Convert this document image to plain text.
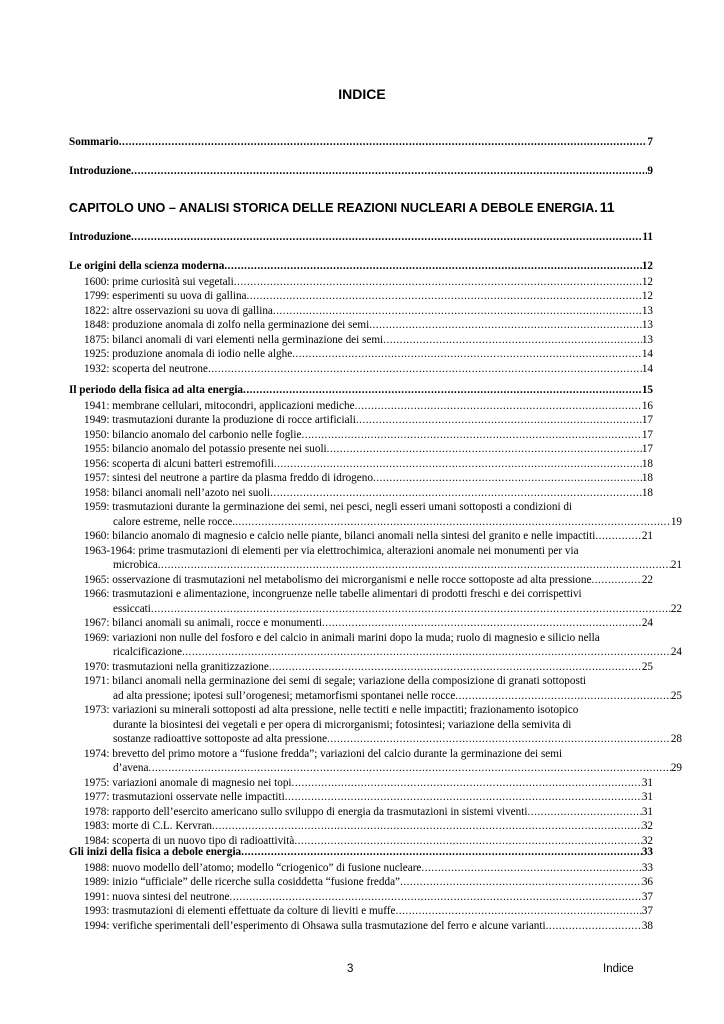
INDICE
Sommario .....	7
Introduzione .....	9
CAPITOLO UNO – ANALISI STORICA DELLE REAZIONI NUCLEARI A DEBOLE ENERGIA. 11
Introduzione .....	11
Le origini della scienza moderna .....	12
1600: prime curiosità sui vegetali .....	12
1799: esperimenti su uova di gallina .....	12
1822: altre osservazioni su uova di gallina .....	13
1848: produzione anomala di zolfo nella germinazione dei semi .....	13
1875: bilanci anomali di vari elementi nella germinazione dei semi .....	13
1925: produzione anomala di iodio nelle alghe .....	14
1932: scoperta del neutrone .....	14
Il periodo della fisica ad alta energia .....	15
1941: membrane cellulari, mitocondri, applicazioni mediche .....	16
1949: trasmutazioni durante la produzione di rocce artificiali .....	17
1950: bilancio anomalo del carbonio nelle foglie .....	17
1955: bilancio anomalo del potassio presente nei suoli .....	17
1956: scoperta di alcuni batteri estremofili .....	18
1957: sintesi del neutrone a partire da plasma freddo di idrogeno .....	18
1958: bilanci anomali nell’azoto nei suoli .....	18
1959: trasmutazioni durante la germinazione dei semi, nei pesci, negli esseri umani sottoposti a condizioni di
calore estreme, nelle rocce. .....	19
1960: bilancio anomalo di magnesio e calcio nelle piante, bilanci anomali nella sintesi del granito e nelle impactiti .....	21
1963-1964: prime trasmutazioni di elementi per via elettrochimica, alterazioni anomale nei monumenti per via
microbica .....	21
1965: osservazione di trasmutazioni nel metabolismo dei microrganismi e nelle rocce sottoposte ad alta pressione .....	22
1966: trasmutazioni e alimentazione, incongruenze nelle tabelle alimentari di prodotti freschi e dei corrispettivi
essiccati .....	22
1967: bilanci anomali su animali, rocce e monumenti .....	24
1969: variazioni non nulle del fosforo e del calcio in animali marini dopo la muda; ruolo di magnesio e silicio nella
ricalcificazione .....	24
1970: trasmutazioni nella granitizzazione .....	25
1971: bilanci anomali nella germinazione dei semi di segale; variazione della composizione di granati sottoposti
ad alta pressione; ipotesi sull’orogenesi; metamorfismi spontanei nelle rocce .....	25
1973: variazioni su minerali sottoposti ad alta pressione, nelle tectiti e nelle impactiti; frazionamento isotopico
durante la biosintesi dei vegetali e per opera di microrganismi; fotosintesi; variazione della semivita di
sostanze radioattive sottoposte ad alta pressione .....	28
1974: brevetto del primo motore a “fusione fredda”; variazioni del calcio durante la germinazione dei semi
d’avena .....	29
1975: variazioni anomale di magnesio nei topi .....	31
1977: trasmutazioni osservate nelle impactiti .....	31
1978: rapporto dell’esercito americano sullo sviluppo di energia da trasmutazioni in sistemi viventi .....	31
1983: morte di C.L. Kervran .....	32
1984: scoperta di un nuovo tipo di radioattività .....	32
Gli inizi della fisica a debole energia .....	33
1988: nuovo modello dell’atomo; modello “criogenico” di fusione nucleare .....	33
1989: inizio “ufficiale” delle ricerche sulla cosiddetta “fusione fredda” .....	36
1991: nuova sintesi del neutrone .....	37
1993: trasmutazioni di elementi effettuate da colture di lieviti e muffe .....	37
1994: verifiche sperimentali dell’esperimento di Ohsawa sulla trasmutazione del ferro e alcune varianti .....	38
3	Indice
